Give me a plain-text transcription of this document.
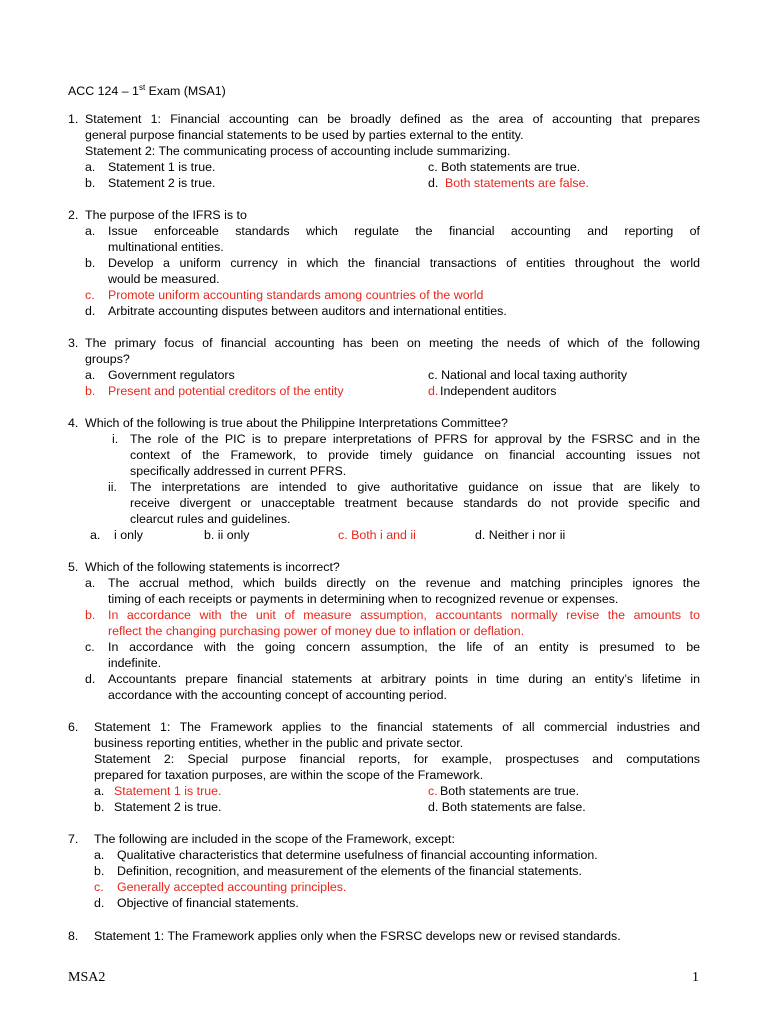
ACC 124 – 1st Exam (MSA1)
1. Statement 1: Financial accounting can be broadly defined as the area of accounting that prepares
general purpose financial statements to be used by parties external to the entity.
Statement 2: The communicating process of accounting include summarizing.
a. Statement 1 is true.
b. Statement 2 is true.
c. Both statements are true.
d. Both statements are false.
2. The purpose of the IFRS is to
a. Issue enforceable standards which regulate the financial accounting and reporting of
multinational entities.
b. Develop a uniform currency in which the financial transactions of entities throughout the world
would be measured.
c. Promote uniform accounting standards among countries of the world
d. Arbitrate accounting disputes between auditors and international entities.
3. The primary focus of financial accounting has been on meeting the needs of which of the following
groups?
a. Government regulators
b. Present and potential creditors of the entity
c. National and local taxing authority
d. Independent auditors
4. Which of the following is true about the Philippine Interpretations Committee?
i. The role of the PIC is to prepare interpretations of PFRS for approval by the FSRSC and in the
context of the Framework, to provide timely guidance on financial accounting issues not
specifically addressed in current PFRS.
ii. The interpretations are intended to give authoritative guidance on issue that are likely to
receive divergent or unacceptable treatment because standards do not provide specific and
clearcut rules and guidelines.
a. i only	b. ii only	c. Both i and ii	d. Neither i nor ii
5. Which of the following statements is incorrect?
a. The accrual method, which builds directly on the revenue and matching principles ignores the
timing of each receipts or payments in determining when to recognized revenue or expenses.
b. In accordance with the unit of measure assumption, accountants normally revise the amounts to
reflect the changing purchasing power of money due to inflation or deflation.
c. In accordance with the going concern assumption, the life of an entity is presumed to be
indefinite.
d. Accountants prepare financial statements at arbitrary points in time during an entity’s lifetime in
accordance with the accounting concept of accounting period.
6. Statement 1: The Framework applies to the financial statements of all commercial industries and
business reporting entities, whether in the public and private sector.
Statement 2: Special purpose financial reports, for example, prospectuses and computations
prepared for taxation purposes, are within the scope of the Framework.
a. Statement 1 is true.
b. Statement 2 is true.
c. Both statements are true.
d. Both statements are false.
7. The following are included in the scope of the Framework, except:
a. Qualitative characteristics that determine usefulness of financial accounting information.
b. Definition, recognition, and measurement of the elements of the financial statements.
c. Generally accepted accounting principles.
d. Objective of financial statements.
8. Statement 1: The Framework applies only when the FSRSC develops new or revised standards.
MSA2	1
